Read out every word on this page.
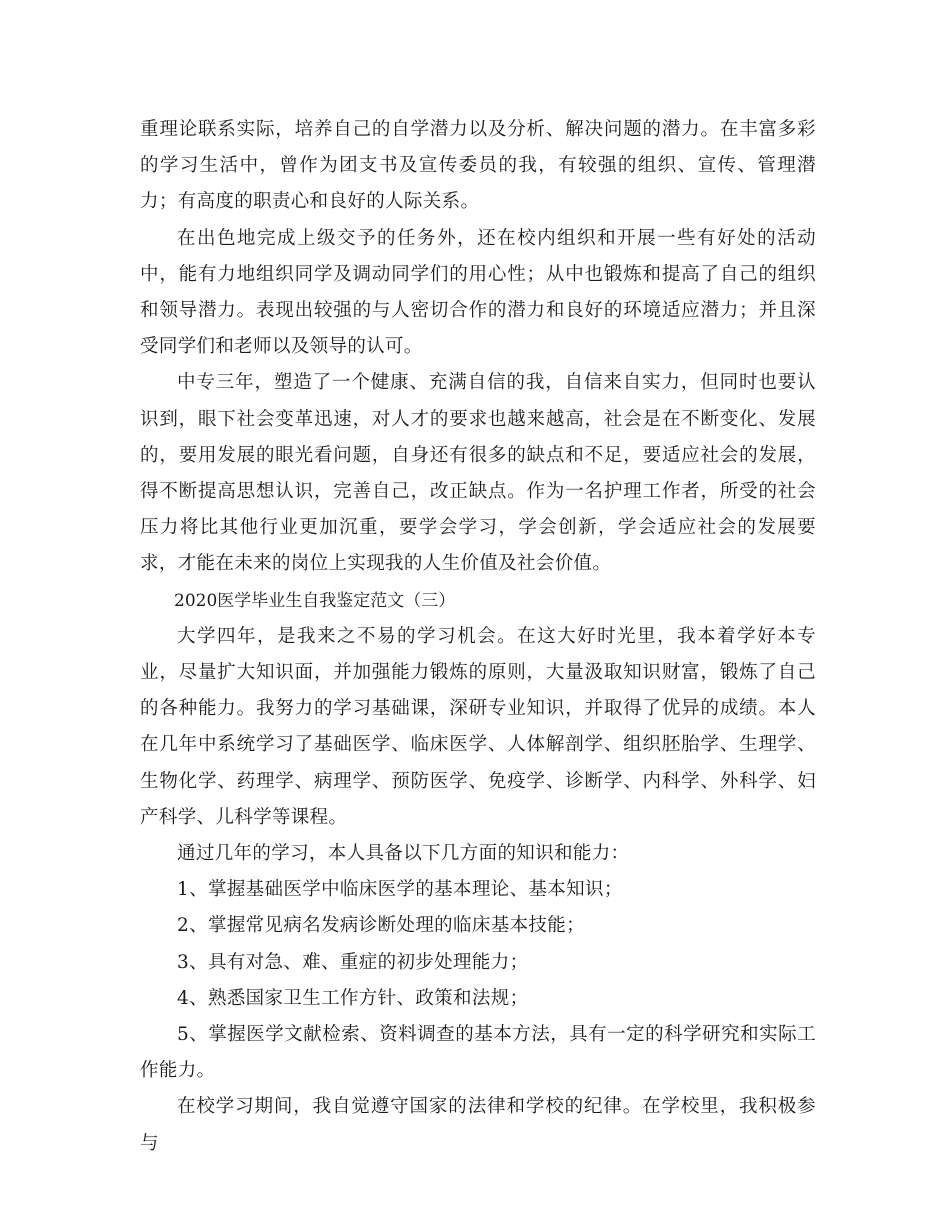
重理论联系实际，培养自己的自学潜力以及分析、解决问题的潜力。在丰富多彩的学习生活中，曾作为团支书及宣传委员的我，有较强的组织、宣传、管理潜力；有高度的职责心和良好的人际关系。

在出色地完成上级交予的任务外，还在校内组织和开展一些有好处的活动中，能有力地组织同学及调动同学们的用心性；从中也锻炼和提高了自己的组织和领导潜力。表现出较强的与人密切合作的潜力和良好的环境适应潜力；并且深受同学们和老师以及领导的认可。

中专三年，塑造了一个健康、充满自信的我，自信来自实力，但同时也要认识到，眼下社会变革迅速，对人才的要求也越来越高，社会是在不断变化、发展的，要用发展的眼光看问题，自身还有很多的缺点和不足，要适应社会的发展，得不断提高思想认识，完善自己，改正缺点。作为一名护理工作者，所受的社会压力将比其他行业更加沉重，要学会学习，学会创新，学会适应社会的发展要求，才能在未来的岗位上实现我的人生价值及社会价值。

2020医学毕业生自我鉴定范文（三）

大学四年，是我来之不易的学习机会。在这大好时光里，我本着学好本专业，尽量扩大知识面，并加强能力锻炼的原则，大量汲取知识财富，锻炼了自己的各种能力。我努力的学习基础课，深研专业知识，并取得了优异的成绩。本人在几年中系统学习了基础医学、临床医学、人体解剖学、组织胚胎学、生理学、生物化学、药理学、病理学、预防医学、免疫学、诊断学、内科学、外科学、妇产科学、儿科学等课程。

通过几年的学习，本人具备以下几方面的知识和能力：

1、掌握基础医学中临床医学的基本理论、基本知识；

2、掌握常见病名发病诊断处理的临床基本技能；

3、具有对急、难、重症的初步处理能力；

4、熟悉国家卫生工作方针、政策和法规；

5、掌握医学文献检索、资料调查的基本方法，具有一定的科学研究和实际工作能力。

在校学习期间，我自觉遵守国家的法律和学校的纪律。在学校里，我积极参与
